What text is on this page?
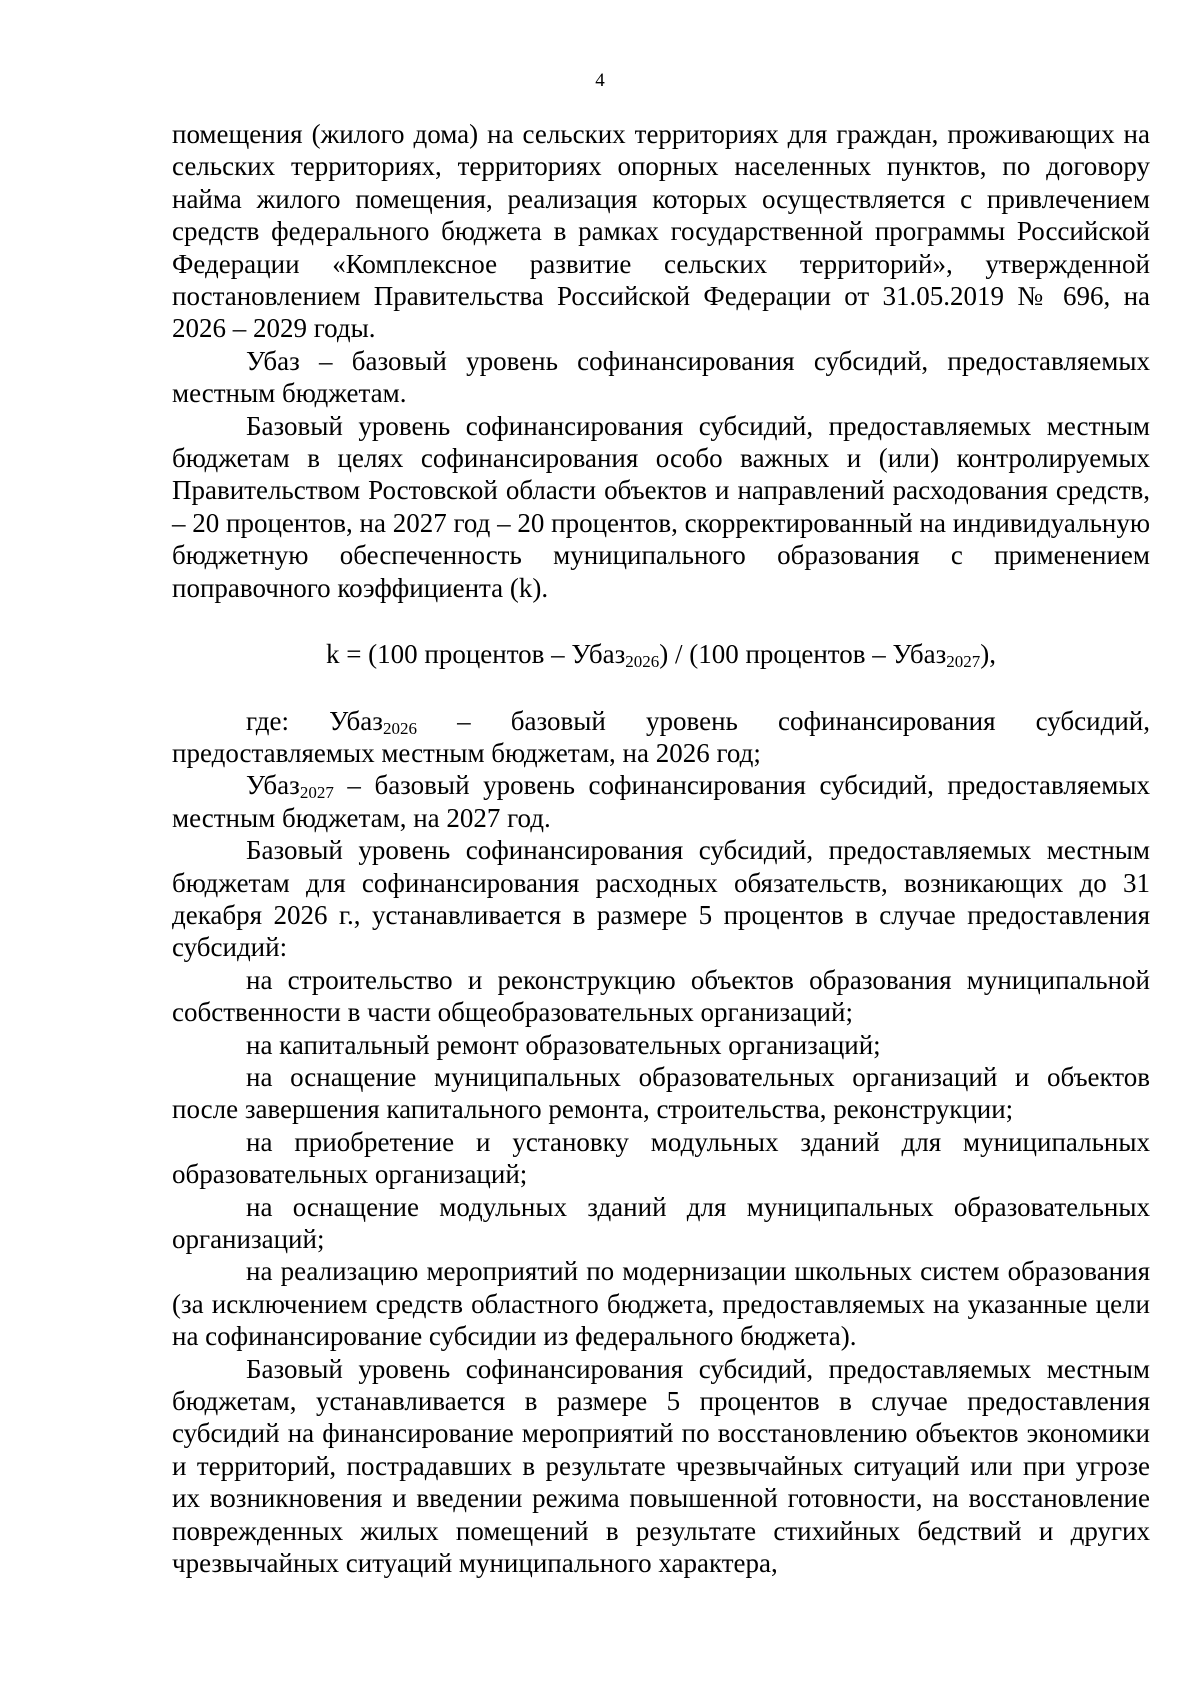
4

помещения (жилого дома) на сельских территориях для граждан, проживающих на сельских территориях, территориях опорных населенных пунктов, по договору найма жилого помещения, реализация которых осуществляется с привлечением средств федерального бюджета в рамках государственной программы Российской Федерации «Комплексное развитие сельских территорий», утвержденной постановлением Правительства Российской Федерации от 31.05.2019 № 696, на 2026 – 2029 годы.

Убаз – базовый уровень софинансирования субсидий, предоставляемых местным бюджетам.

Базовый уровень софинансирования субсидий, предоставляемых местным бюджетам в целях софинансирования особо важных и (или) контролируемых Правительством Ростовской области объектов и направлений расходования средств, – 20 процентов, на 2027 год – 20 процентов, скорректированный на индивидуальную бюджетную обеспеченность муниципального образования с применением поправочного коэффициента (k).

k = (100 процентов – Убаз2026) / (100 процентов – Убаз2027),

где: Убаз2026 – базовый уровень софинансирования субсидий, предоставляемых местным бюджетам, на 2026 год;

Убаз2027 – базовый уровень софинансирования субсидий, предоставляемых местным бюджетам, на 2027 год.

Базовый уровень софинансирования субсидий, предоставляемых местным бюджетам для софинансирования расходных обязательств, возникающих до 31 декабря 2026 г., устанавливается в размере 5 процентов в случае предоставления субсидий:

на строительство и реконструкцию объектов образования муниципальной собственности в части общеобразовательных организаций;

на капитальный ремонт образовательных организаций;

на оснащение муниципальных образовательных организаций и объектов после завершения капитального ремонта, строительства, реконструкции;

на приобретение и установку модульных зданий для муниципальных образовательных организаций;

на оснащение модульных зданий для муниципальных образовательных организаций;

на реализацию мероприятий по модернизации школьных систем образования (за исключением средств областного бюджета, предоставляемых на указанные цели на софинансирование субсидии из федерального бюджета).

Базовый уровень софинансирования субсидий, предоставляемых местным бюджетам, устанавливается в размере 5 процентов в случае предоставления субсидий на финансирование мероприятий по восстановлению объектов экономики и территорий, пострадавших в результате чрезвычайных ситуаций или при угрозе их возникновения и введении режима повышенной готовности, на восстановление поврежденных жилых помещений в результате стихийных бедствий и других чрезвычайных ситуаций муниципального характера,
